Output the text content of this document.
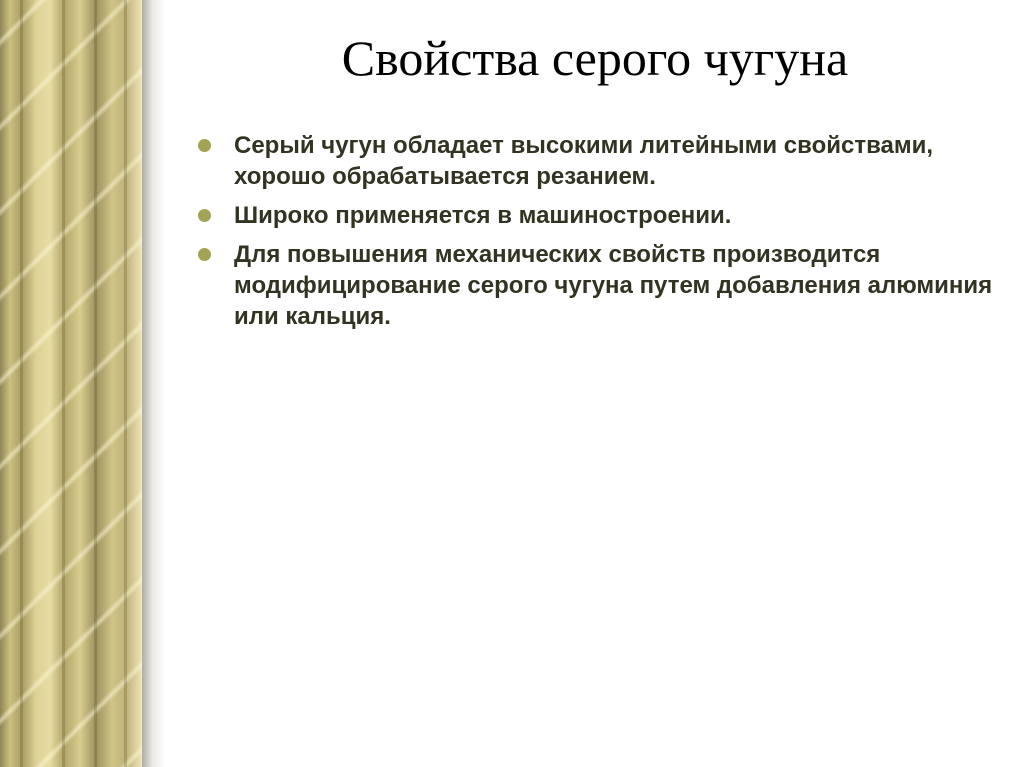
Свойства серого чугуна
Серый чугун обладает высокими литейными свойствами, хорошо обрабатывается резанием.
Широко применяется в машиностроении.
Для повышения механических свойств производится модифицирование серого чугуна путем добавления алюминия или кальция.
